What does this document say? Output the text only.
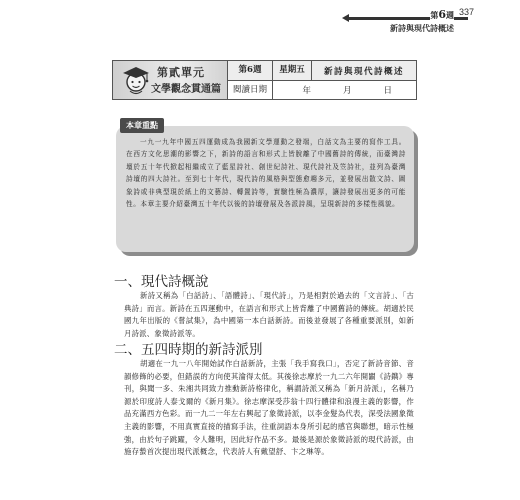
第6週 337
新詩與現代詩概述
第貳單元
文學觀念貫通篇
第6週	星期五	新詩與現代詩概述
閱讀日期	年	月	日
本章重點
一九一九年中國五四運動成為我國新文學運動之發端，白話文為主要的寫作工具。在西方文化思潮的影響之下，新詩的語言和形式上皆脫離了中國舊詩的傳統，而臺灣詩壇於五十年代掀起相繼成立了藍星詩社、創世紀詩社、現代詩社及笠詩社，並列為臺灣詩壇的四大詩社。至到七十年代，現代詩的風格與型態愈趨多元，並發展出散文詩、圖象詩或非典型現於紙上的文藝詩、轉置詩等，實驗性極為濃厚，讓詩發展出更多的可能性。本章主要介紹臺灣五十年代以後的詩壇發展及各派詩風，呈現新詩的多樣性風貌。
一、現代詩概說
新詩又稱為「白話詩」、「語體詩」、「現代詩」，乃是相對於過去的「文言詩」、「古典詩」而言。新詩在五四運動中，在語言和形式上皆背離了中國舊詩的傳統。胡適於民國九年出版的《嘗試集》，為中國第一本白話新詩。而後並發展了各種重要派別，如新月詩派、象徵詩派等。
二、五四時期的新詩派別
胡適在一九一八年開始試作白話新詩，主張「我手寫我口」，否定了新詩音節、音韻修飾的必要，但錯誤的方向使其淪得太低。其後徐志摩於一九二六年開闢《詩鐫》專刊，與聞一多、朱湘共同致力推動新詩格律化，稱謂詩派又稱為「新月詩派」，名稱乃源於印度詩人泰戈爾的《新月集》。徐志摩深受莎翁十四行體律和浪漫主義的影響，作品充滿西方色彩。而一九二一年左右興起了象徵詩派，以李金髮為代表，深受法國象徵主義的影響，不用真實直接的描寫手法，往重詞語本身所引起的感官與聯想，暗示性極強，由於句子跳躍，令人難明，因此好作品不多。最後是源於象徵詩派的現代詩派，由施存蟄首次提出現代派概念，代表詩人有戴望舒、卞之琳等。
